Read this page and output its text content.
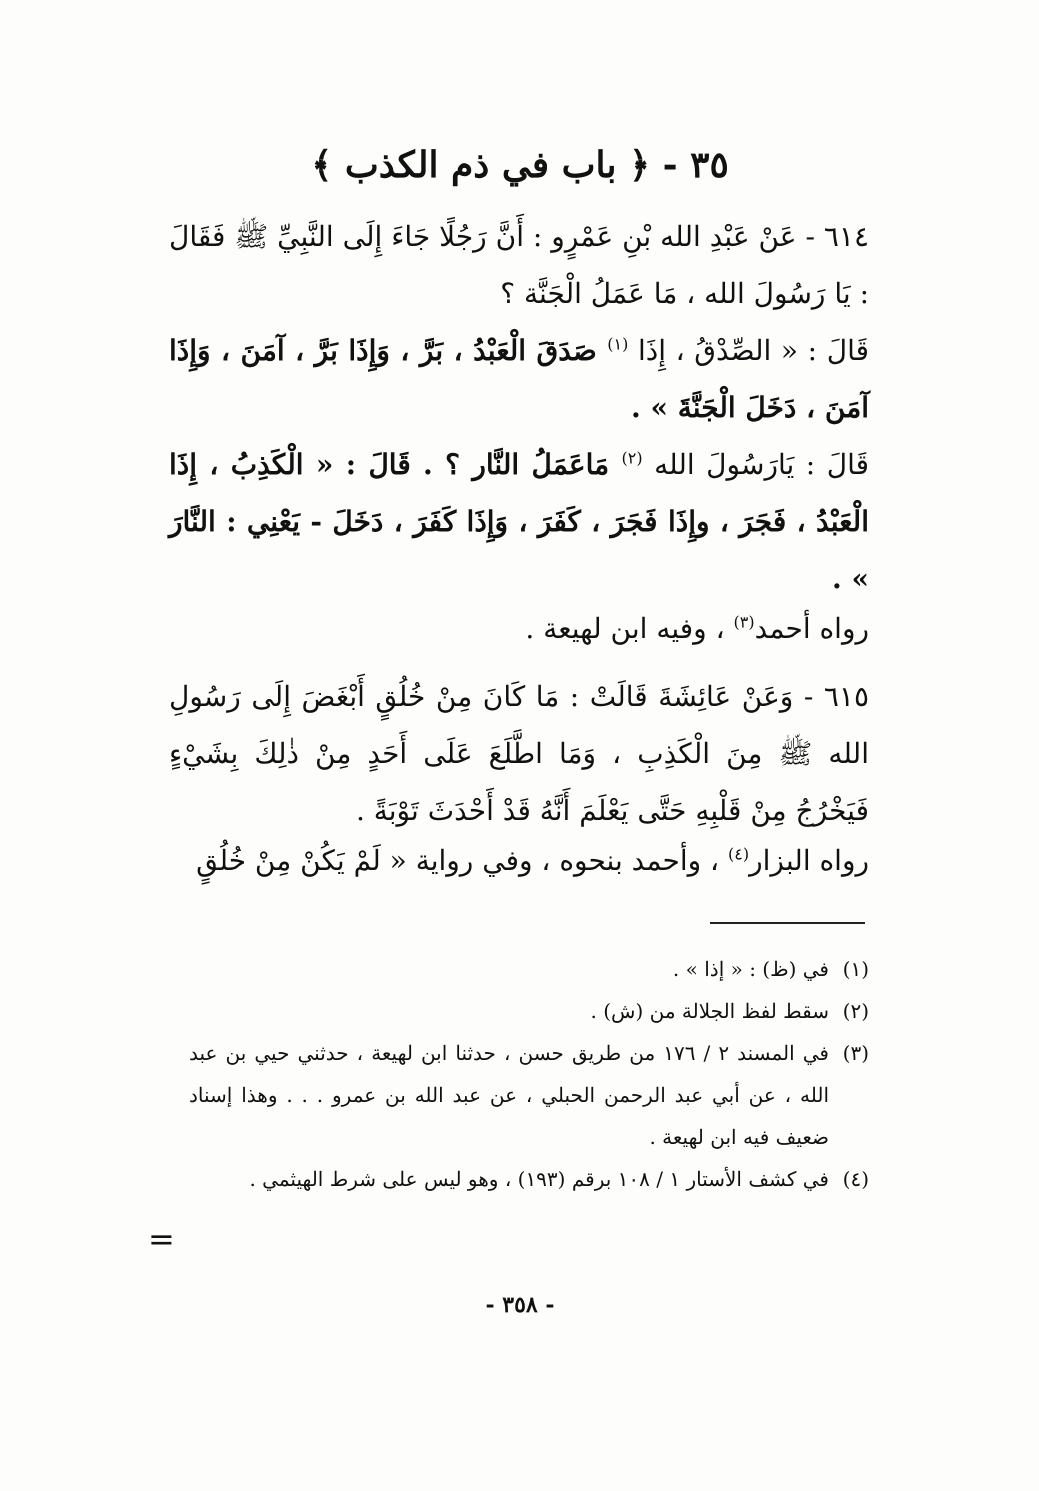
٣٥ - ﴿ باب في ذم الكذب ﴾

٦١٤ - عَنْ عَبْدِ الله بْنِ عَمْرٍو : أَنَّ رَجُلًا جَاءَ إِلَى النَّبِيِّ ﷺ فَقَالَ : يَا رَسُولَ الله ، مَا عَمَلُ الْجَنَّة ؟

قَالَ : « الصِّدْقُ ، إِذَا $^{(١)}$ صَدَقَ الْعَبْدُ ، بَرَّ ، وَإِذَا بَرَّ ، آمَنَ ، وَإِذَا آمَنَ ، دَخَلَ الْجَنَّةَ » .

قَالَ : يَارَسُولَ الله $^{(٢)}$ مَاعَمَلُ النَّار ؟ . قَالَ : « الْكَذِبُ ، إِذَا الْعَبْدُ ، فَجَرَ ، وإِذَا فَجَرَ ، كَفَرَ ، وَإِذَا كَفَرَ ، دَخَلَ - يَعْنِي : النَّارَ » .

رواه أحمد$^{(٣)}$ ، وفيه ابن لهيعة .

٦١٥ - وَعَنْ عَائِشَةَ قَالَتْ : مَا كَانَ مِنْ خُلُقٍ أَبْغَضَ إِلَى رَسُولِ الله ﷺ مِنَ الْكَذِبِ ، وَمَا اطَّلَعَ عَلَى أَحَدٍ مِنْ ذٰلِكَ بِشَيْءٍ فَيَخْرُجُ مِنْ قَلْبِهِ حَتَّى يَعْلَمَ أَنَّهُ قَدْ أَحْدَثَ تَوْبَةً .

رواه البزار$^{(٤)}$ ، وأحمد بنحوه ، وفي رواية « لَمْ يَكُنْ مِنْ خُلُقٍ

(١)
في (ظ) : « إذا » .
(٢)
سقط لفظ الجلالة من (ش) .
(٣)
في المسند ٢ / ١٧٦ من طريق حسن ، حدثنا ابن لهيعة ، حدثني حيي بن عبد الله ، عن أبي عبد الرحمن الحبلي ، عن عبد الله بن عمرو . . . وهذا إسناد ضعيف فيه ابن لهيعة .
(٤)
في كشف الأستار ١ / ١٠٨ برقم (١٩٣) ، وهو ليس على شرط الهيثمي .
=
- ٣٥٨ -
